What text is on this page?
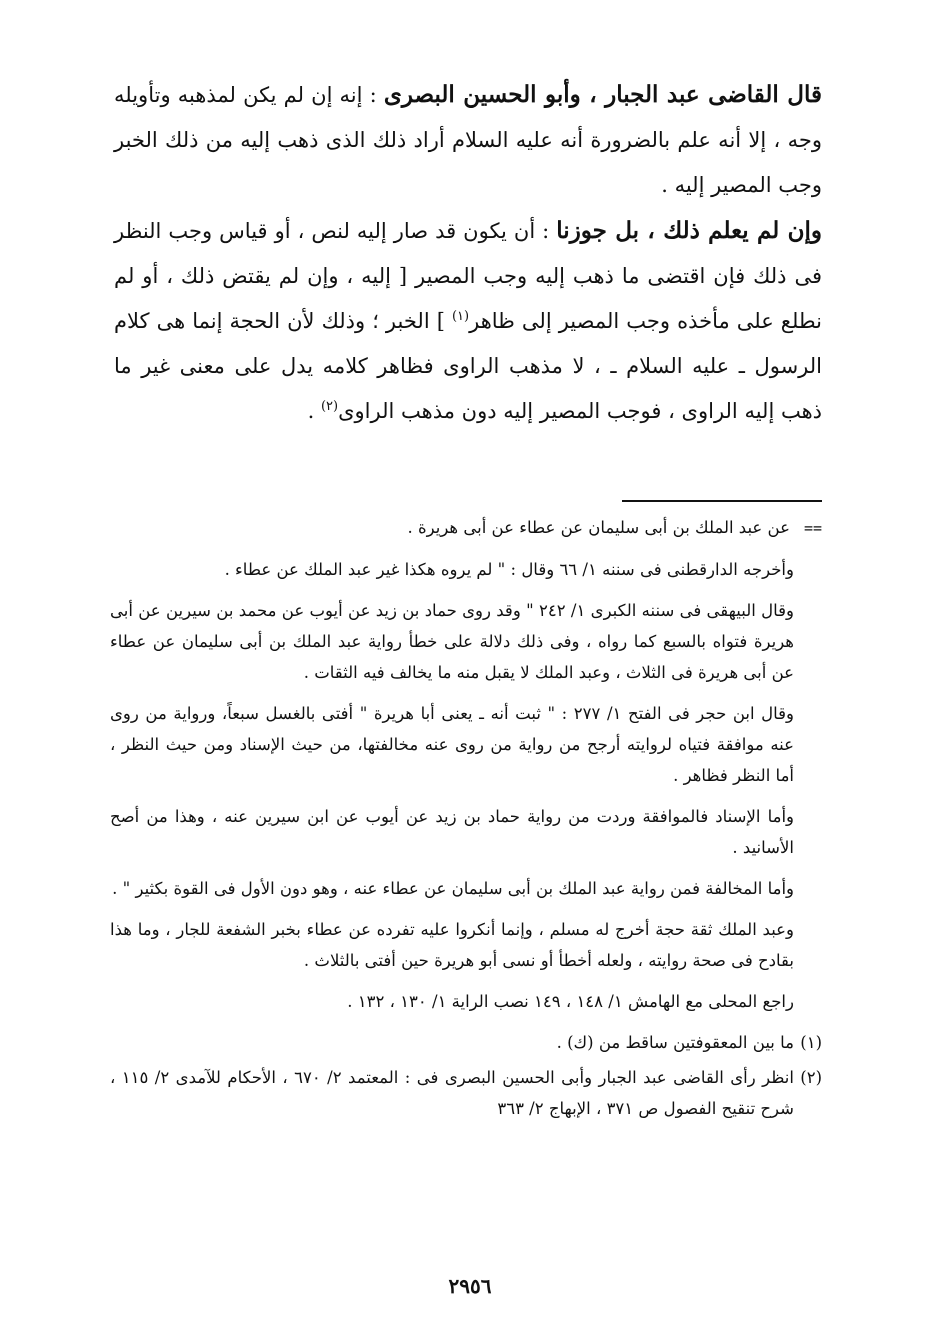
قال القاضى عبد الجبار ، وأبو الحسين البصرى : إنه إن لم يكن لمذهبه وتأويله وجه ، إلا أنه علم بالضرورة أنه عليه السلام أراد ذلك الذى ذهب إليه من ذلك الخبر وجب المصير إليه .

وإن لم يعلم ذلك ، بل جوزنا : أن يكون قد صار إليه لنص ، أو قياس وجب النظر فى ذلك فإن اقتضى ما ذهب إليه وجب المصير [ إليه ، وإن لم يقتض ذلك ، أو لم نطلع على مأخذه وجب المصير إلى ظاهر$^{(١)}$ ] الخبر ؛ وذلك لأن الحجة إنما هى كلام الرسول ـ عليه السلام ـ ، لا مذهب الراوى فظاهر كلامه يدل على معنى غير ما ذهب إليه الراوى ، فوجب المصير إليه دون مذهب الراوى$^{(٢)}$ .

==عن عبد الملك بن أبى سليمان عن عطاء عن أبى هريرة .

وأخرجه الدارقطنى فى سننه ١/ ٦٦ وقال : " لم يروه هكذا غير عبد الملك عن عطاء .

وقال البيهقى فى سننه الكبرى ١/ ٢٤٢ " وقد روى حماد بن زيد عن أيوب عن محمد بن سيرين عن أبى هريرة فتواه بالسبع كما رواه ، وفى ذلك دلالة على خطأ رواية عبد الملك بن أبى سليمان عن عطاء عن أبى هريرة فى الثلاث ، وعبد الملك لا يقبل منه ما يخالف فيه الثقات .

وقال ابن حجر فى الفتح ١/ ٢٧٧ : " ثبت أنه ـ يعنى أبا هريرة " أفتى بالغسل سبعاً، ورواية من روى عنه موافقة فتياه لروايته أرجح من رواية من روى عنه مخالفتها، من حيث الإسناد ومن حيث النظر ، أما النظر فظاهر .

وأما الإسناد فالموافقة وردت من رواية حماد بن زيد عن أيوب عن ابن سيرين عنه ، وهذا من أصح الأسانيد .

وأما المخالفة فمن رواية عبد الملك بن أبى سليمان عن عطاء عنه ، وهو دون الأول فى القوة بكثير " .

وعبد الملك ثقة حجة أخرج له مسلم ، وإنما أنكروا عليه تفرده عن عطاء بخبر الشفعة للجار ، وما هذا بقادح فى صحة روايته ، ولعله أخطأ أو نسى أبو هريرة حين أفتى بالثلاث .

راجع المحلى مع الهامش ١/ ١٤٨ ، ١٤٩ نصب الراية ١/ ١٣٠ ، ١٣٢ .

(١)
ما بين المعقوفتين ساقط من (ك) .
(٢)
انظر رأى القاضى عبد الجبار وأبى الحسين البصرى فى : المعتمد ٢/ ٦٧٠ ، الأحكام للآمدى ٢/ ١١٥ ، شرح تنقيح الفصول ص ٣٧١ ، الإبهاج ٢/ ٣٦٣
٢٩٥٦
